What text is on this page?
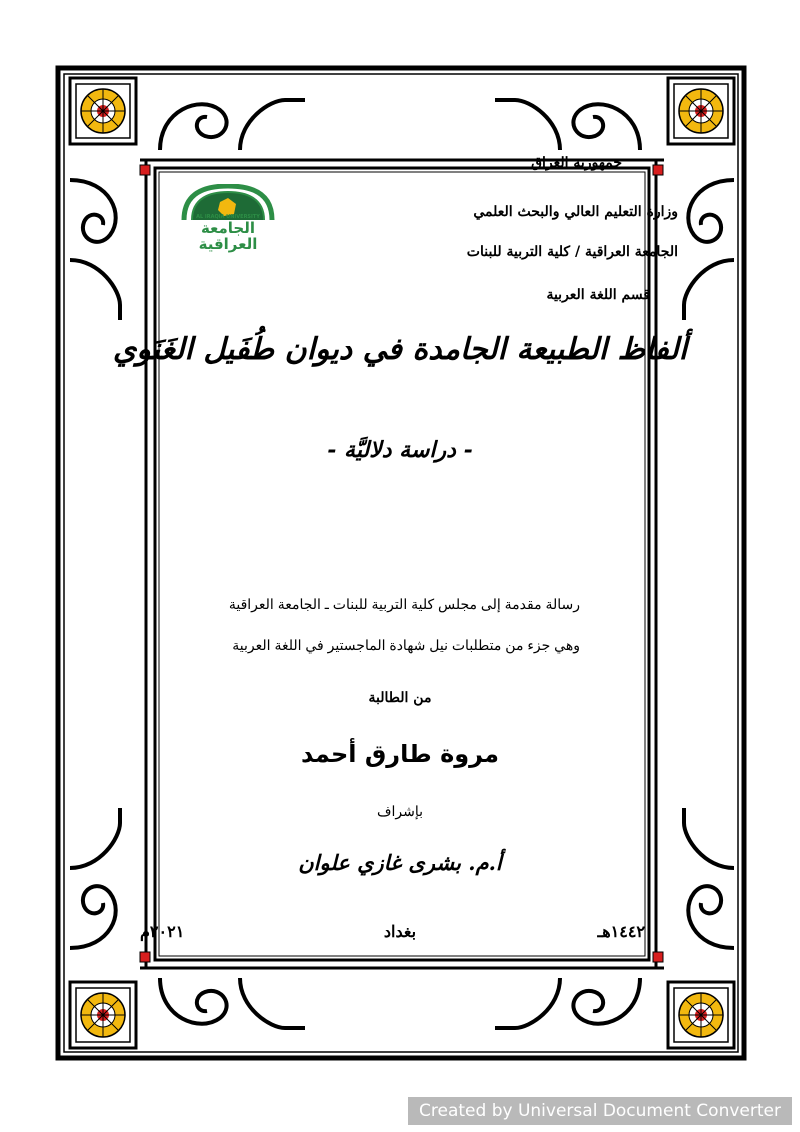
AL IRAQIA UNIVERSITY
الجامعة
العراقية
جمهورية العراق
وزارة التعليم العالي والبحث العلمي
الجامعة العراقية / كلية التربية للبنات
قسم اللغة العربية
ألفاظ الطبيعة الجامدة في ديوان طُفَيل الغَنَوي
- دراسة دلاليَّة -
رسالة مقدمة إلى مجلس كلية التربية للبنات ـ الجامعة العراقية
وهي جزء من متطلبات نيل شهادة الماجستير في اللغة العربية
من الطالبة
مروة طارق أحمد
بإشراف
أ.م. بشرى غازي علوان
١٤٤٢هـ
بغداد
٢٠٢١م
Created by Universal Document Converter
